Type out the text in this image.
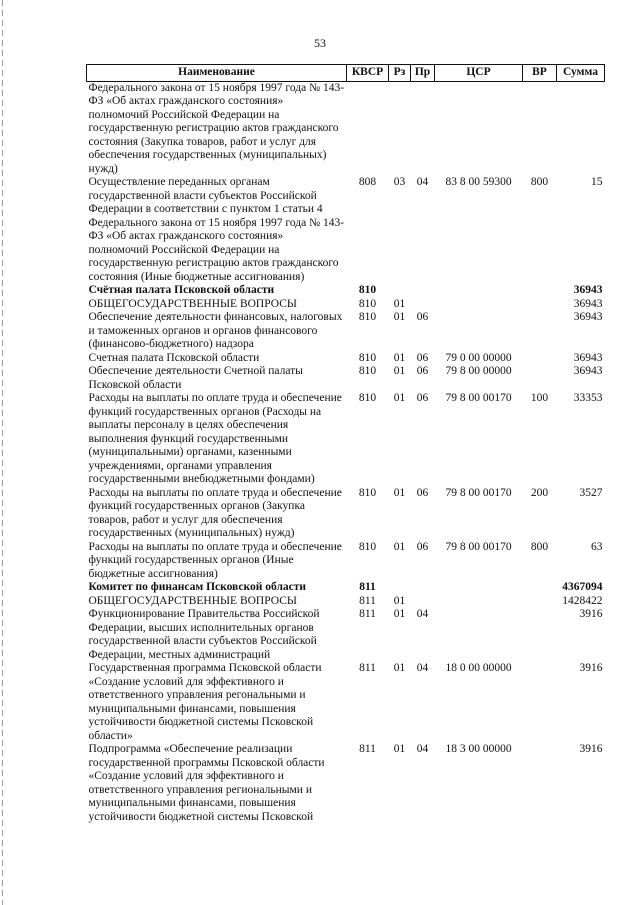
53
Наименование	КВСР	Рз	Пр	ЦСР	ВР	Сумма
Федерального закона от 15 ноября 1997 года № 143-ФЗ «Об актах гражданского состояния» полномочий Российской Федерации на государственную регистрацию актов гражданского состояния (Закупка товаров, работ и услуг для обеспечения государственных (муниципальных) нужд)						
Осуществление переданных органам государственной власти субъектов Российской Федерации в соответствии с пунктом 1 статьи 4 Федерального закона от 15 ноября 1997 года № 143-ФЗ «Об актах гражданского состояния» полномочий Российской Федерации на государственную регистрацию актов гражданского состояния (Иные бюджетные ассигнования)	808	03	04	83 8 00 59300	800	15
Счётная палата Псковской области	810					36943
ОБЩЕГОСУДАРСТВЕННЫЕ ВОПРОСЫ	810	01				36943
Обеспечение деятельности финансовых, налоговых и таможенных органов и органов финансового (финансово-бюджетного) надзора	810	01	06			36943
Счетная палата Псковской области	810	01	06	79 0 00 00000		36943
Обеспечение деятельности Счетной палаты Псковской области	810	01	06	79 8 00 00000		36943
Расходы на выплаты по оплате труда и обеспечение функций государственных органов (Расходы на выплаты персоналу в целях обеспечения выполнения функций государственными (муниципальными) органами, казенными учреждениями, органами управления государственными внебюджетными фондами)	810	01	06	79 8 00 00170	100	33353
Расходы на выплаты по оплате труда и обеспечение функций государственных органов (Закупка товаров, работ и услуг для обеспечения государственных (муниципальных) нужд)	810	01	06	79 8 00 00170	200	3527
Расходы на выплаты по оплате труда и обеспечение функций государственных органов (Иные бюджетные ассигнования)	810	01	06	79 8 00 00170	800	63
Комитет по финансам Псковской области	811					4367094
ОБЩЕГОСУДАРСТВЕННЫЕ ВОПРОСЫ	811	01				1428422
Функционирование Правительства Российской Федерации, высших исполнительных органов государственной власти субъектов Российской Федерации, местных администраций	811	01	04			3916
Государственная программа Псковской области «Создание условий для эффективного и ответственного управления регональными и муниципальными финансами, повышения устойчивости бюджетной системы Псковской области»	811	01	04	18 0 00 00000		3916
Подпрограмма «Обеспечение реализации государственной программы Псковской области «Создание условий для эффективного и ответственного управления региональными и муниципальными финансами, повышения устойчивости бюджетной системы Псковской	811	01	04	18 3 00 00000		3916
